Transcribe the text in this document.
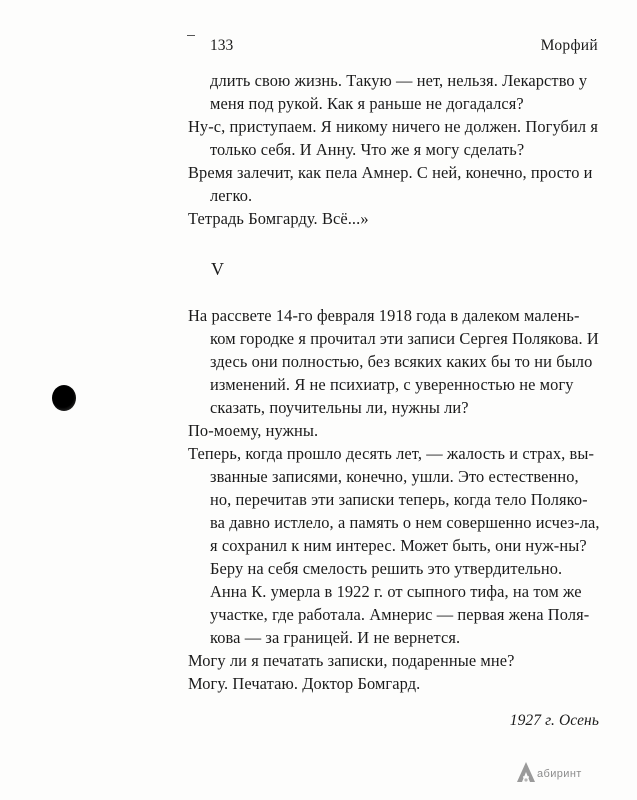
133	Морфий

длить свою жизнь. Такую — нет, нельзя. Лекарство у меня под рукой. Как я раньше не догадался?

Ну-с, приступаем. Я никому ничего не должен. Погубил я только себя. И Анну. Что же я могу сделать?

Время залечит, как пела Амнер. С ней, конечно, просто и легко.

Тетрадь Бомгарду. Всё...»

V

На рассвете 14-го февраля 1918 года в далеком малень-ком городке я прочитал эти записи Сергея Полякова. И здесь они полностью, без всяких каких бы то ни было изменений. Я не психиатр, с уверенностью не могу сказать, поучительны ли, нужны ли?

По-моему, нужны.

Теперь, когда прошло десять лет, — жалость и страх, вы-званные записями, конечно, ушли. Это естественно, но, перечитав эти записки теперь, когда тело Поляко-ва давно истлело, а память о нем совершенно исчез-ла, я сохранил к ним интерес. Может быть, они нуж-ны? Беру на себя смелость решить это утвердительно. Анна К. умерла в 1922 г. от сыпного тифа, на том же участке, где работала. Амнерис — первая жена Поля-кова — за границей. И не вернется.

Могу ли я печатать записки, подаренные мне?

Могу. Печатаю. Доктор Бомгард.

1927 г. Осень

абиринт
